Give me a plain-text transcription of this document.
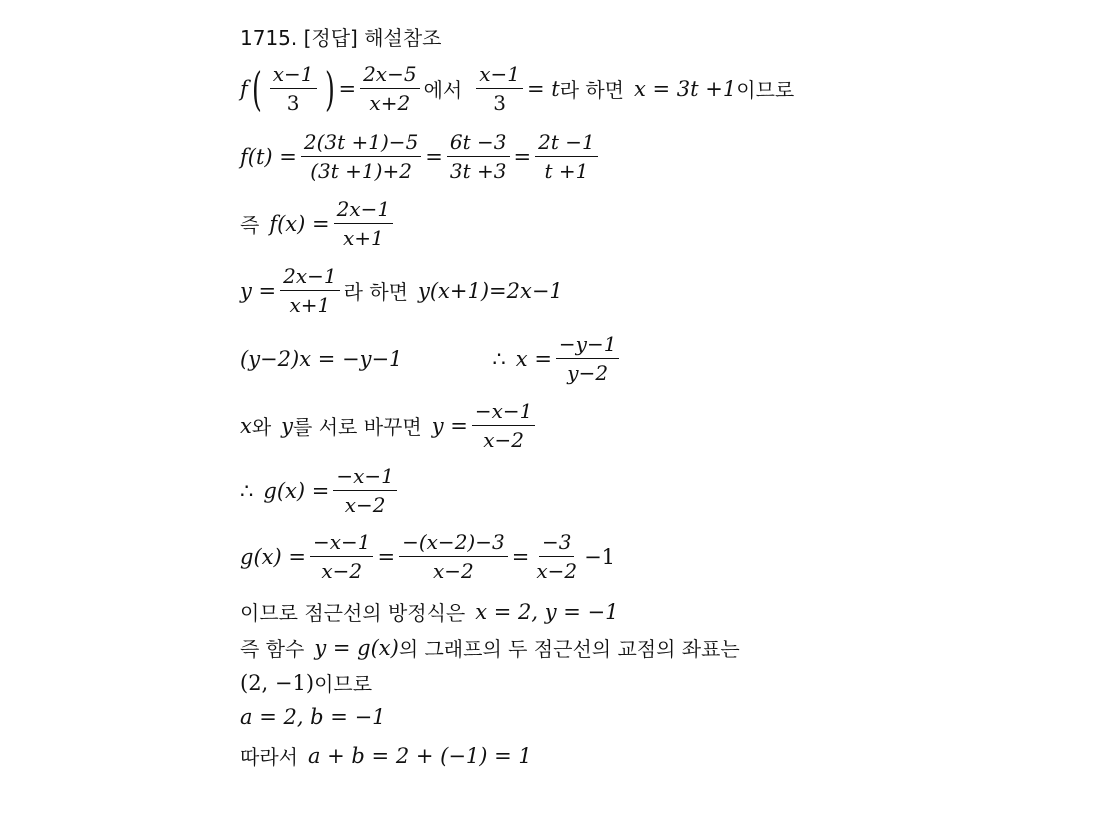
1715. [정답] 해설참조
f ( $\frac{x-1}{3}$ ) = $\frac{2x-5}{x+2}$ 에서 $\frac{x-1}{3} = t$ 라 하면 x = 3t +1 이므로
$f(t) = \frac{2(3t +1)-5}{(3t +1)+2} = \frac{6t -3}{3t +3} = \frac{2t -1}{t +1}$
즉 $f(x) = \frac{2x-1}{x+1}$
$y = \frac{2x-1}{x+1}$ 라 하면 y(x+1)=2x−1
(y−2)x = −y−1	∴ $x = \frac{-y-1}{y-2}$
x 와 y 를 서로 바꾸면 $y = \frac{-x-1}{x-2}$
∴ $g(x) = \frac{-x-1}{x-2}$
$g(x) = \frac{-x-1}{x-2} = \frac{-(x-2)-3}{x-2} = \frac{-3}{x-2} -1$
이므로 점근선의 방정식은 x = 2, y = −1
즉 함수 y = g(x) 의 그래프의 두 점근선의 교점의 좌표는
(2, −1) 이므로
a = 2, b = −1
따라서 a + b = 2 + (−1) = 1
